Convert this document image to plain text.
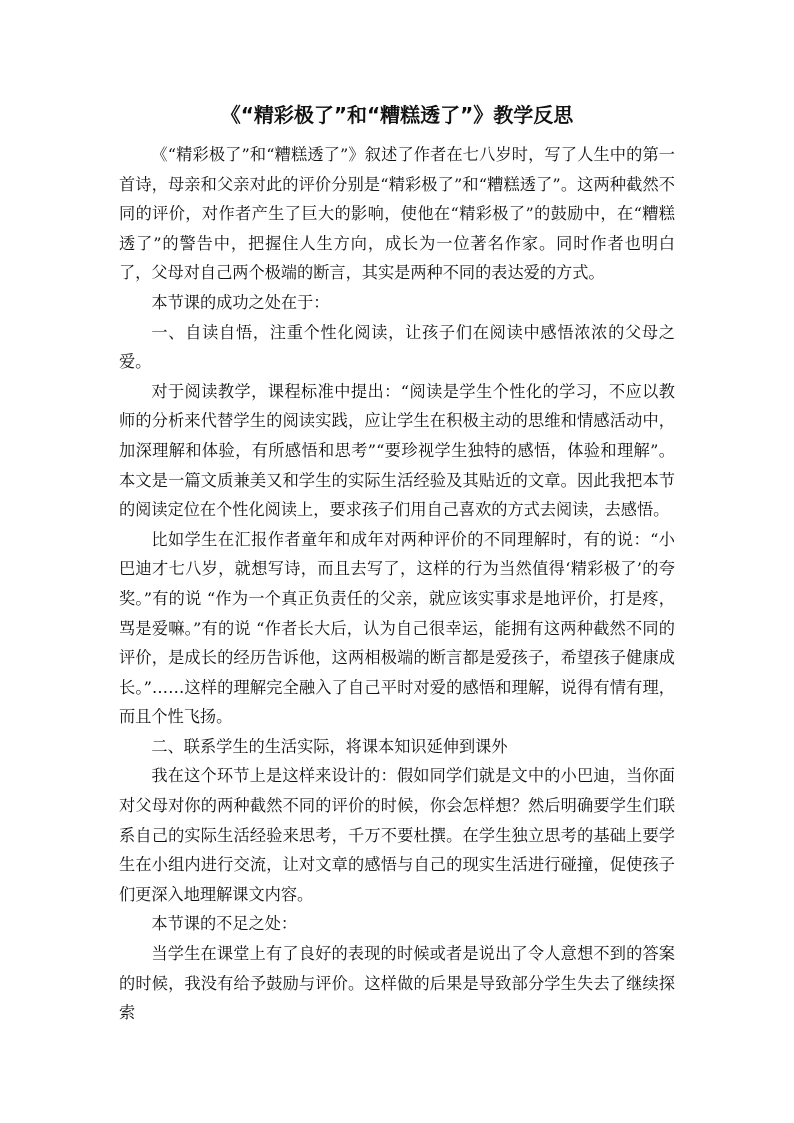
《“精彩极了”和“糟糕透了”》教学反思

《“精彩极了”和“糟糕透了”》叙述了作者在七八岁时，写了人生中的第一首诗，母亲和父亲对此的评价分别是“精彩极了”和“糟糕透了”。这两种截然不同的评价，对作者产生了巨大的影响，使他在“精彩极了”的鼓励中，在“糟糕透了”的警告中，把握住人生方向，成长为一位著名作家。同时作者也明白了，父母对自己两个极端的断言，其实是两种不同的表达爱的方式。

本节课的成功之处在于：

一、自读自悟，注重个性化阅读，让孩子们在阅读中感悟浓浓的父母之爱。

对于阅读教学，课程标准中提出：“阅读是学生个性化的学习，不应以教师的分析来代替学生的阅读实践，应让学生在积极主动的思维和情感活动中，加深理解和体验，有所感悟和思考”“要珍视学生独特的感悟，体验和理解”。本文是一篇文质兼美又和学生的实际生活经验及其贴近的文章。因此我把本节的阅读定位在个性化阅读上，要求孩子们用自己喜欢的方式去阅读，去感悟。

比如学生在汇报作者童年和成年对两种评价的不同理解时，有的说：“小巴迪才七八岁，就想写诗，而且去写了，这样的行为当然值得‘精彩极了’的夸奖。”有的说 “作为一个真正负责任的父亲，就应该实事求是地评价，打是疼，骂是爱嘛。”有的说 “作者长大后，认为自己很幸运，能拥有这两种截然不同的评价，是成长的经历告诉他，这两相极端的断言都是爱孩子，希望孩子健康成长。”……这样的理解完全融入了自己平时对爱的感悟和理解，说得有情有理，而且个性飞扬。

二、联系学生的生活实际，将课本知识延伸到课外

我在这个环节上是这样来设计的：假如同学们就是文中的小巴迪，当你面对父母对你的两种截然不同的评价的时候，你会怎样想？然后明确要学生们联系自己的实际生活经验来思考，千万不要杜撰。在学生独立思考的基础上要学生在小组内进行交流，让对文章的感悟与自己的现实生活进行碰撞，促使孩子们更深入地理解课文内容。

本节课的不足之处：

当学生在课堂上有了良好的表现的时候或者是说出了令人意想不到的答案的时候，我没有给予鼓励与评价。这样做的后果是导致部分学生失去了继续探索
